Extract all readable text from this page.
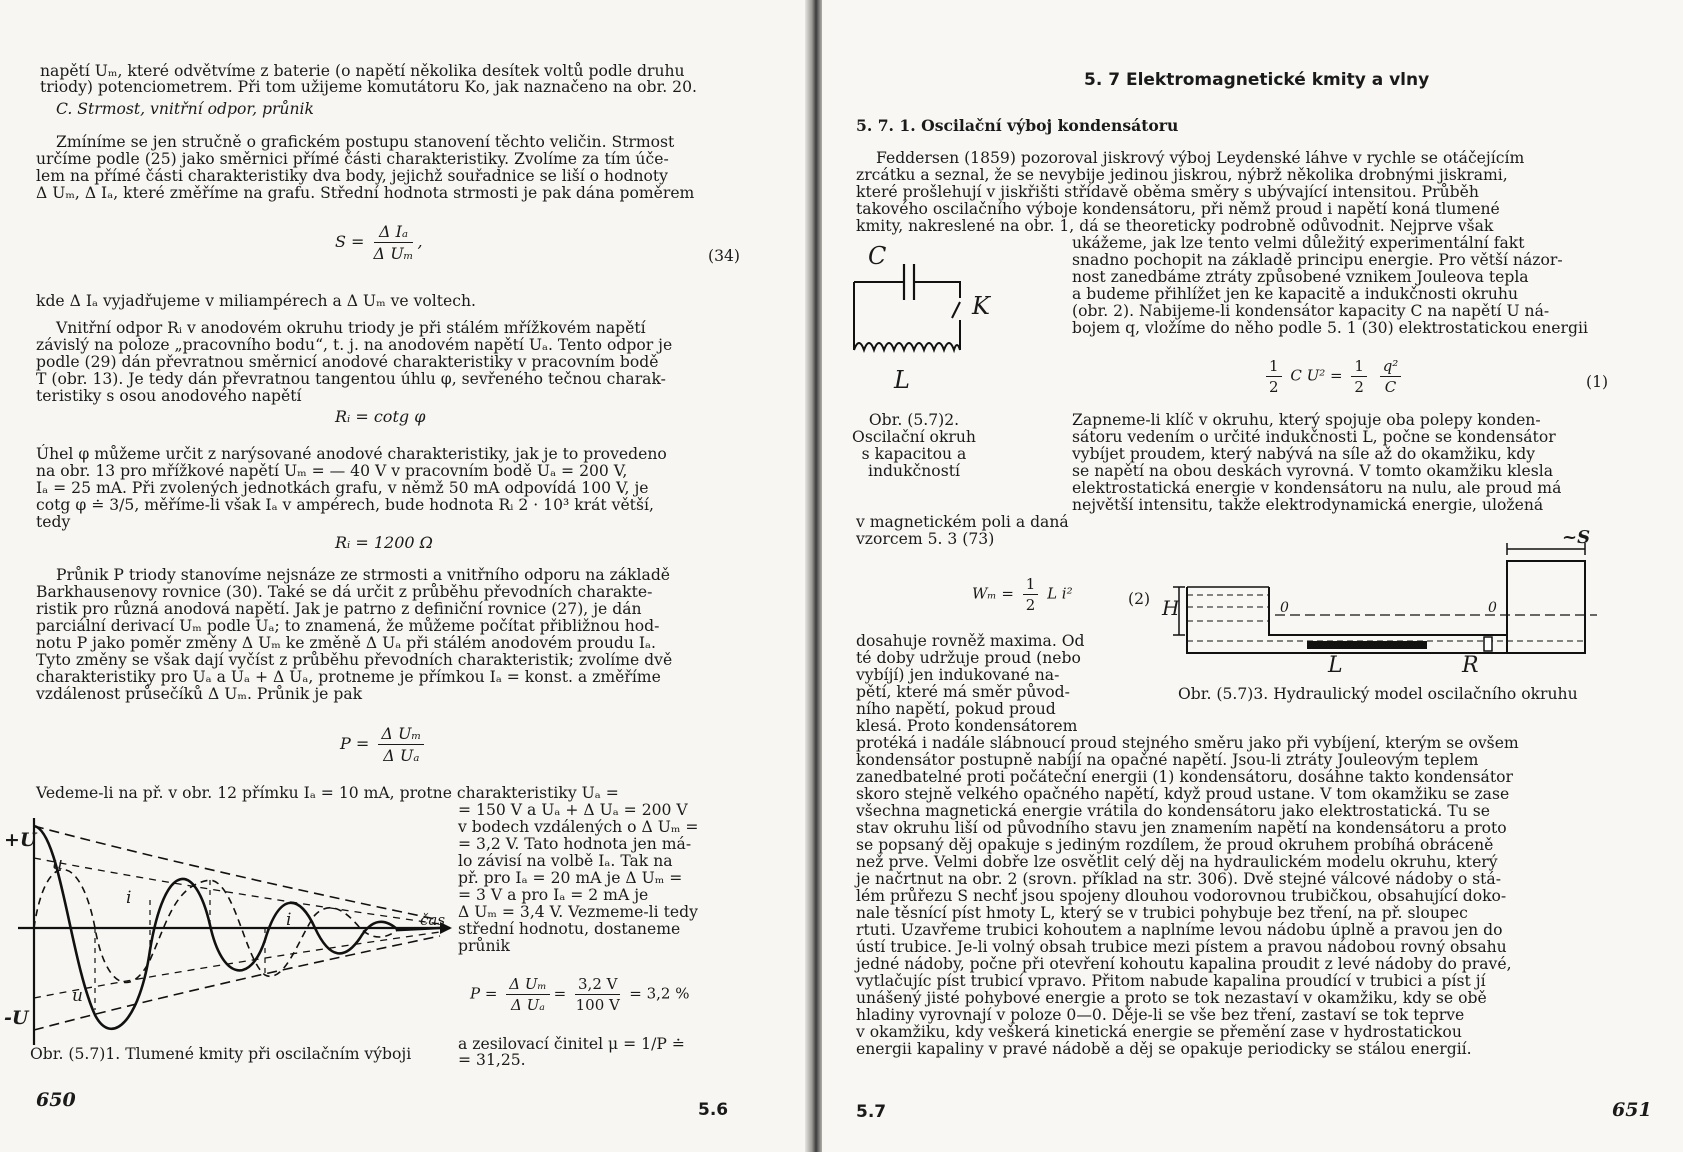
napětí Uₘ, které odvětvíme z baterie (o napětí několika desítek voltů podle druhu
triody) potenciometrem. Při tom užijeme komutátoru Ko, jak naznačeno na obr. 20.
C. Strmost, vnitřní odpor, průnik
Zmíníme se jen stručně o grafickém postupu stanovení těchto veličin. Strmost
určíme podle (25) jako směrnici přímé části charakteristiky. Zvolíme za tím úče-
lem na přímé části charakteristiky dva body, jejichž souřadnice se liší o hodnoty
Δ Uₘ, Δ Iₐ, které změříme na grafu. Střední hodnota strmosti je pak dána poměrem
$S = \frac{\text{Δ Iₐ}}{\text{Δ Uₘ}}$ ,
(34)
kde Δ Iₐ vyjadřujeme v miliampérech a Δ Uₘ ve voltech.
Vnitřní odpor Rᵢ v anodovém okruhu triody je při stálém mřížkovém napětí
závislý na poloze „pracovního bodu“, t. j. na anodovém napětí Uₐ. Tento odpor je
podle (29) dán převratnou směrnicí anodové charakteristiky v pracovním bodě
T (obr. 13). Je tedy dán převratnou tangentou úhlu φ, sevřeného tečnou charak-
teristiky s osou anodového napětí
Rᵢ = cotg φ
Úhel φ můžeme určit z narýsované anodové charakteristiky, jak je to provedeno
na obr. 13 pro mřížkové napětí Uₘ = — 40 V v pracovním bodě Uₐ = 200 V,
Iₐ = 25 mA. Při zvolených jednotkách grafu, v němž 50 mA odpovídá 100 V, je
cotg φ ≐ 3/5, měříme-li však Iₐ v ampérech, bude hodnota Rᵢ 2 · 10³ krát větší,
tedy
Rᵢ = 1200 Ω
Průnik P triody stanovíme nejsnáze ze strmosti a vnitřního odporu na základě
Barkhausenovy rovnice (30). Také se dá určit z průběhu převodních charakte-
ristik pro různá anodová napětí. Jak je patrno z definiční rovnice (27), je dán
parciální derivací Uₘ podle Uₐ; to znamená, že můžeme počítat přibližnou hod-
notu P jako poměr změny Δ Uₘ ke změně Δ Uₐ při stálém anodovém proudu Iₐ.
Tyto změny se však dají vyčíst z průběhu převodních charakteristik; zvolíme dvě
charakteristiky pro Uₐ a Uₐ + Δ Uₐ, protneme je přímkou Iₐ = konst. a změříme
vzdálenost průsečíků Δ Uₘ. Průnik je pak
$P = \frac{\text{Δ Uₘ}}{\text{Δ Uₐ}}$
Vedeme-li na př. v obr. 12 přímku Iₐ = 10 mA, protne charakteristiky Uₐ =
= 150 V a Uₐ + Δ Uₐ = 200 V
v bodech vzdálených o Δ Uₘ =
= 3,2 V. Tato hodnota jen má-
lo závisí na volbě Iₐ. Tak na
př. pro Iₐ = 20 mA je Δ Uₘ =
= 3 V a pro Iₐ = 2 mA je
Δ Uₘ = 3,4 V. Vezmeme-li tedy
střední hodnotu, dostaneme
průnik
$P = \frac{\text{Δ Uₘ}}{\text{Δ Uₐ}} = \frac{3,2 V}{100 V} = 3,2$ %
a zesilovací činitel μ = 1/P ≐
= 31,25.
+U
-U
u
u
i
i	čas
Obr. (5.7)1. Tlumené kmity při oscilačním výboji
650	5.6
5. 7 Elektromagnetické kmity a vlny
5. 7. 1. Oscilační výboj kondensátoru
Feddersen (1859) pozoroval jiskrový výboj Leydenské láhve v rychle se otáčejícím
zrcátku a seznal, že se nevybije jedinou jiskrou, nýbrž několika drobnými jiskrami,
které prošlehují v jiskřišti střídavě oběma směry s ubývající intensitou. Průběh
takového oscilačního výboje kondensátoru, při němž proud i napětí koná tlumené
kmity, nakreslené na obr. 1, dá se theoreticky podrobně odůvodnit. Nejprve však
ukážeme, jak lze tento velmi důležitý experimentální fakt
snadno pochopit na základě principu energie. Pro větší názor-
nost zanedbáme ztráty způsobené vznikem Jouleova tepla
a budeme přihlížet jen ke kapacitě a indukčnosti okruhu
(obr. 2). Nabijeme-li kondensátor kapacity C na napětí U ná-
bojem q, vložíme do něho podle 5. 1 (30) elektrostatickou energii
$\frac{1}{2}$ C $U^2 = \frac{1}{2}$
$\frac{\text{q²}}{C}$	(1)
C
K
L
Obr. (5.7)2.
Oscilační okruh
s kapacitou a
indukčností
Zapneme-li klíč v okruhu, který spojuje oba polepy konden-
sátoru vedením o určité indukčnosti L, počne se kondensátor
vybíjet proudem, který nabývá na síle až do okamžiku, kdy
se napětí na obou deskách vyrovná. V tomto okamžiku klesla
elektrostatická energie v kondensátoru na nulu, ale proud má
největší intensitu, takže elektrodynamická energie, uložená
v magnetickém poli a daná
vzorcem 5. 3 (73)
$W_m = \frac{1}{2}$ L i²	(2)
dosahuje rovněž maxima. Od
té doby udržuje proud (nebo
vybíjí) jen indukované na-
pětí, které má směr původ-
ního napětí, pokud proud
klesá. Proto kondensátorem
~S
H	0	0
L	R
Obr. (5.7)3. Hydraulický model oscilačního okruhu
protéká i nadále slábnoucí proud stejného směru jako při vybíjení, kterým se ovšem
kondensátor postupně nabíjí na opačné napětí. Jsou-li ztráty Jouleovým teplem
zanedbatelné proti počáteční energii (1) kondensátoru, dosáhne takto kondensátor
skoro stejně velkého opačného napětí, když proud ustane. V tom okamžiku se zase
všechna magnetická energie vrátila do kondensátoru jako elektrostatická. Tu se
stav okruhu liší od původního stavu jen znamením napětí na kondensátoru a proto
se popsaný děj opakuje s jediným rozdílem, že proud okruhem probíhá obráceně
než prve. Velmi dobře lze osvětlit celý děj na hydraulickém modelu okruhu, který
je načrtnut na obr. 2 (srovn. příklad na str. 306). Dvě stejné válcové nádoby o stá-
lém průřezu S nechť jsou spojeny dlouhou vodorovnou trubičkou, obsahující doko-
nale těsnící píst hmoty L, který se v trubici pohybuje bez tření, na př. sloupec
rtuti. Uzavřeme trubici kohoutem a naplníme levou nádobu úplně a pravou jen do
ústí trubice. Je-li volný obsah trubice mezi pístem a pravou nádobou rovný obsahu
jedné nádoby, počne při otevření kohoutu kapalina proudit z levé nádoby do pravé,
vytlačujíc píst trubicí vpravo. Přitom nabude kapalina proudící v trubici a píst jí
unášený jisté pohybové energie a proto se tok nezastaví v okamžiku, kdy se obě
hladiny vyrovnají v poloze 0—0. Děje-li se vše bez tření, zastaví se tok teprve
v okamžiku, kdy veškerá kinetická energie se přemění zase v hydrostatickou
energii kapaliny v pravé nádobě a děj se opakuje periodicky se stálou energií.
5.7	651
